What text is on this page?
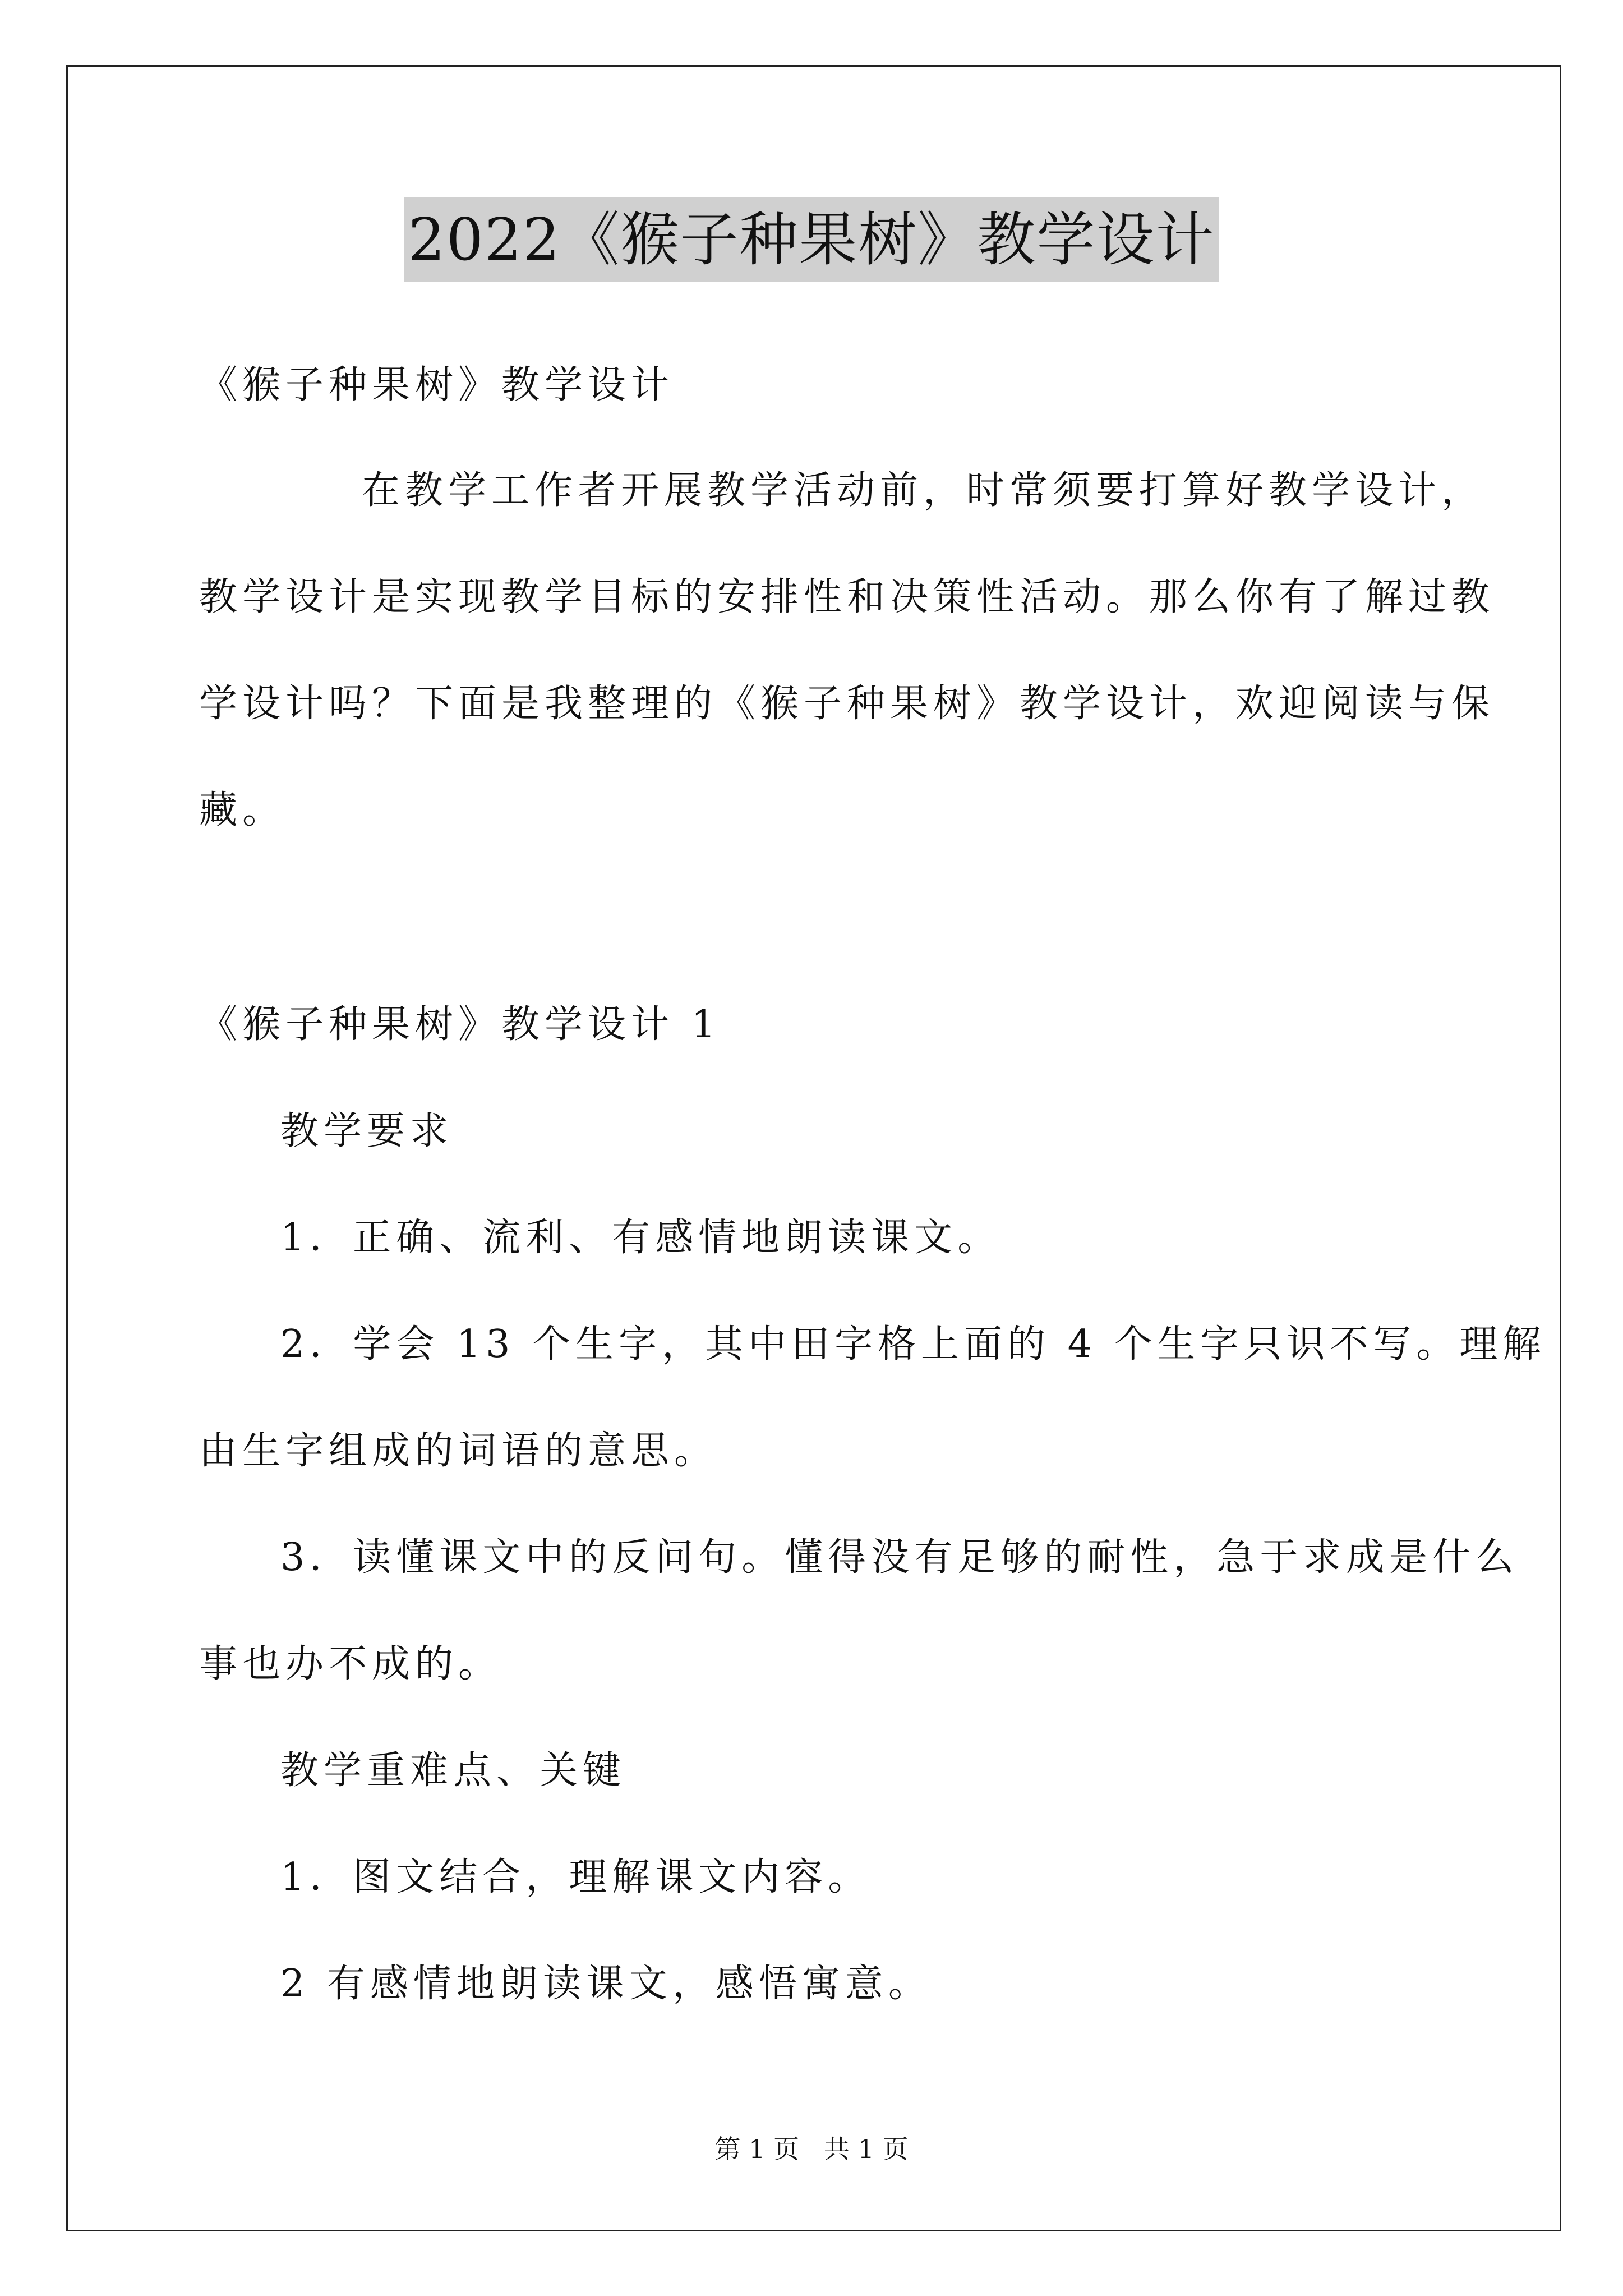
2022《猴子种果树》教学设计
《猴子种果树》教学设计
在教学工作者开展教学活动前，时常须要打算好教学设计，
教学设计是实现教学目标的安排性和决策性活动。那么你有了解过教
学设计吗？下面是我整理的《猴子种果树》教学设计，欢迎阅读与保
藏。
《猴子种果树》教学设计 1
教学要求
1．正确、流利、有感情地朗读课文。
2．学会 13 个生字，其中田字格上面的 4 个生字只识不写。理解
由生字组成的词语的意思。
3．读懂课文中的反问句。懂得没有足够的耐性，急于求成是什么
事也办不成的。
教学重难点、关键
1．图文结合，理解课文内容。
2 有感情地朗读课文，感悟寓意。
第 1 页 共 1 页
